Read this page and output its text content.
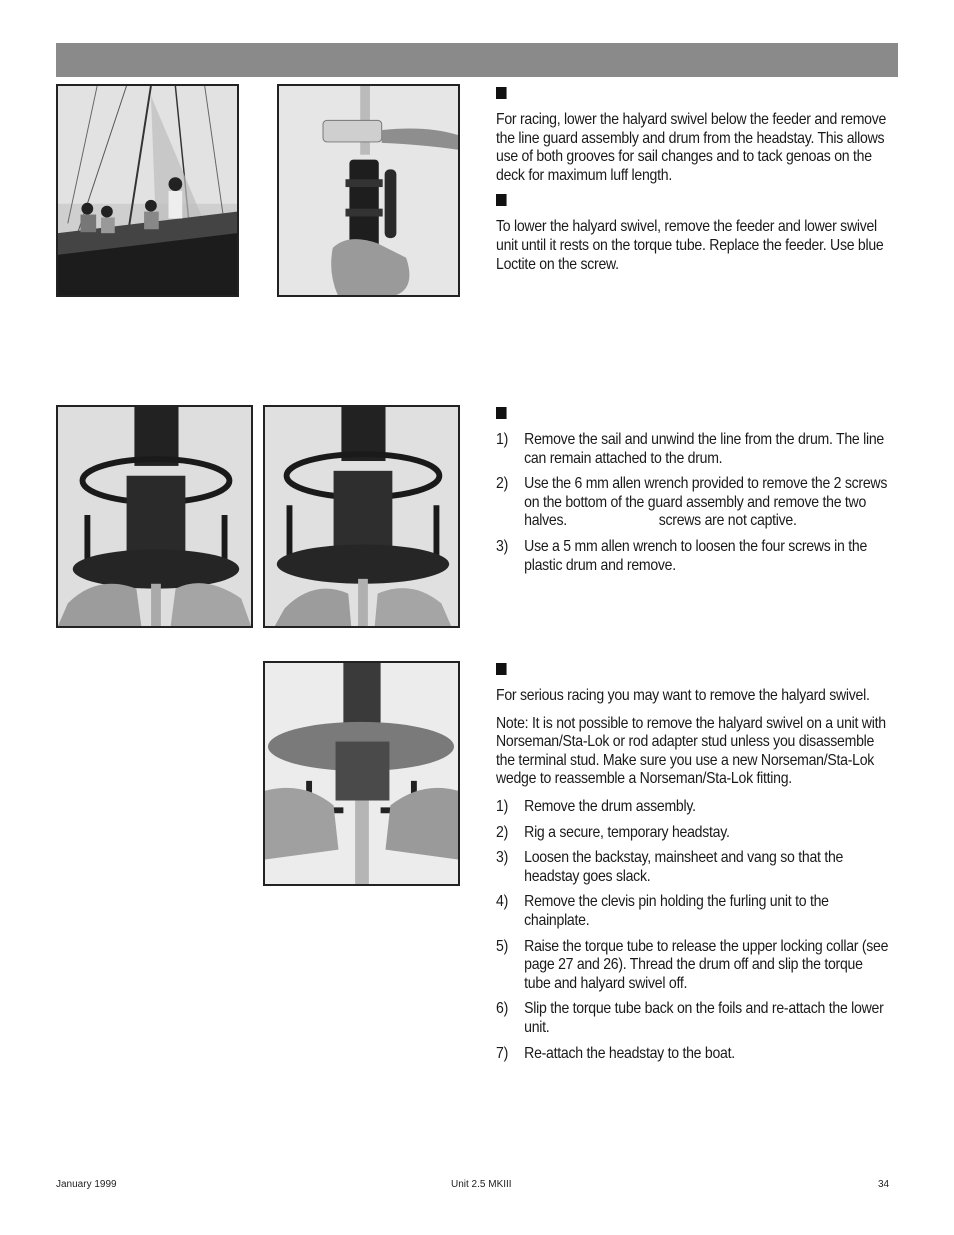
For racing, lower the halyard swivel below the feeder and remove the line guard assembly and drum from the headstay. This allows use of both grooves for sail changes and to tack genoas on the deck for maximum luff length.

To lower the halyard swivel, remove the feeder and lower swivel unit until it rests on the torque tube. Replace the feeder. Use blue Loctite on the screw.

1) Remove the sail and unwind the line from the drum. The line can remain attached to the drum.
2) Use the 6 mm allen wrench provided to remove the 2 screws on the bottom of the guard assembly and remove the two halves.	screws are not captive.
3) Use a 5 mm allen wrench to loosen the four screws in the plastic drum and remove.

For serious racing you may want to remove the halyard swivel.

Note: It is not possible to remove the halyard swivel on a unit with Norseman/Sta-Lok or rod adapter stud unless you disassemble the terminal stud. Make sure you use a new Norseman/Sta-Lok wedge to reassemble a Norseman/Sta-Lok fitting.

1) Remove the drum assembly.
2) Rig a secure, temporary headstay.
3) Loosen the backstay, mainsheet and vang so that the headstay goes slack.
4) Remove the clevis pin holding the furling unit to the chainplate.
5) Raise the torque tube to release the upper locking collar (see page 27 and 26). Thread the drum off and slip the torque tube and halyard swivel off.
6) Slip the torque tube back on the foils and re-attach the lower unit.
7) Re-attach the headstay to the boat.
January 1999	Unit 2.5 MKIII	34
